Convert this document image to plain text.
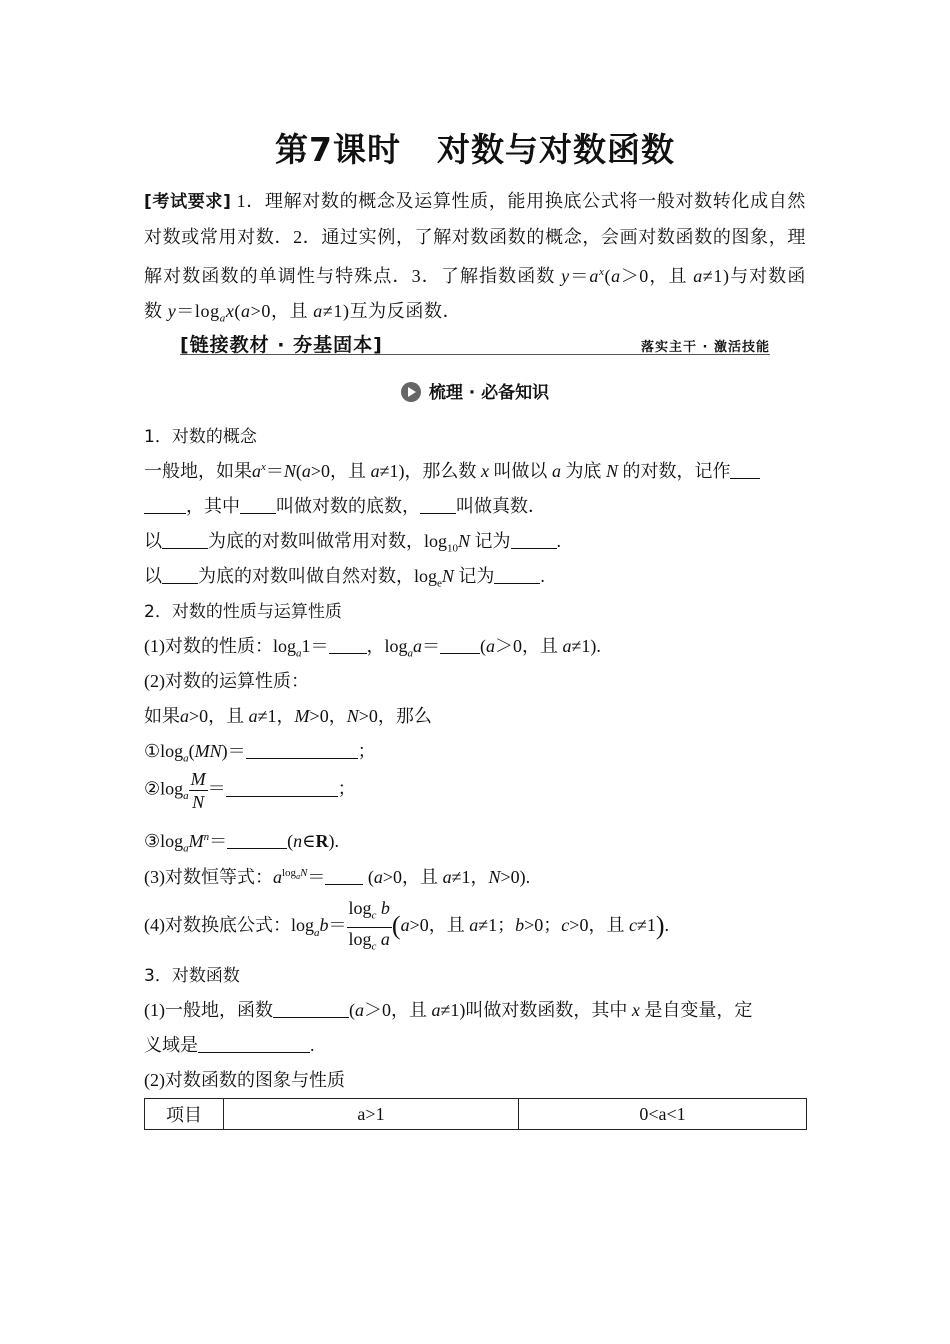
第7课时 对数与对数函数
[考试要求] 1．理解对数的概念及运算性质，能用换底公式将一般对数转化成自然对数或常用对数．2．通过实例，了解对数函数的概念，会画对数函数的图象，理解对数函数的单调性与特殊点．3．了解指数函数 $y=a^x(a>0$，且 a≠1)与对数函数 $y=\log_ax(a>0$，且 a≠1)互为反函数．
[链接教材 · 夯基固本]	落实主干 · 激活技能
梳理 · 必备知识
1．对数的概念
一般地，如果$a^x=N(a>0$，且 a≠1)，那么数 x 叫做以 a 为底 N 的对数，记作
，其中 叫做对数的底数， 叫做真数．
以	为底的对数叫做常用对数，$\log_{10}N$ 记为	.
以 为底的对数叫做自然对数，$\log_eN$ 记为	.
2．对数的性质与运算性质
(1)对数的性质：$\log_a1=$ ，$\log_aa= (a>0$，且 a≠1).
(2)对数的运算性质：
如果a>0，且 a≠1，M>0，N>0，那么
$①\log_a(MN)=$	；
$②\log_a \frac{M}{N}$ ＝	；
$③\log_aM^n=$	(n∈R).
(3)对数恒等式：$a^{log_aN}= (a>0$，且 a≠1，N>0).
(4)对数换底公式：$\log_ab= \frac{\log_c b}{\log_c a} (a>0$，且 a≠1；b>0；c>0，且 c≠1).
3．对数函数
(1)一般地，函数	(a＞0，且 a≠1)叫做对数函数，其中 x 是自变量，定
义域是	.
(2)对数函数的图象与性质
项目	a>1	0<a<1
